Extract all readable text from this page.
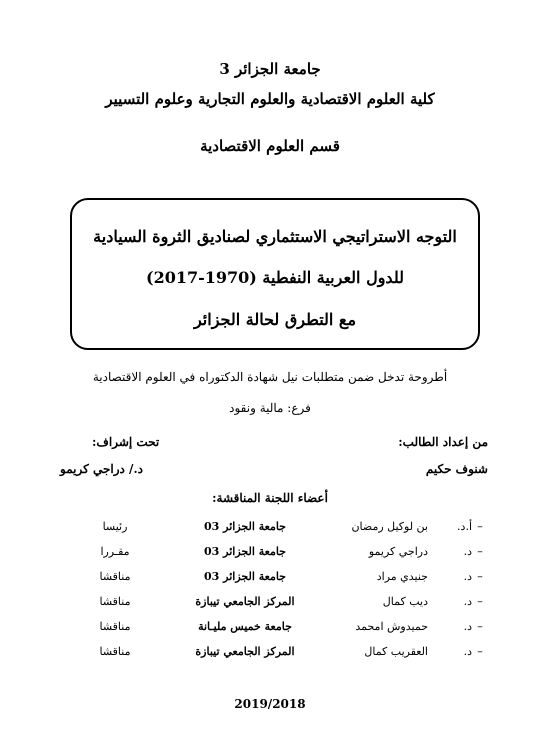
جامعة الجزائر 3
كلية العلوم الاقتصادية والعلوم التجارية وعلوم التسيير
قسم العلوم الاقتصادية
التوجه الاستراتيجي الاستثماري لصناديق الثروة السيادية
للدول العربية النفطية (1970-2017)
مع التطرق لحالة الجزائر
أطروحة تدخل ضمن متطلبات نيل شهادة الدكتوراه في العلوم الاقتصادية
فرع: مالية ونقود
من إعداد الطالب:
شنوف حكيم
تحت إشراف:
د./ دراجي كريمو
أعضاء اللجنة المناقشة:
–	أ.د.	بن لوكيل رمضان	جامعة الجزائر 03	رئيسا
–	د.	دراجي كريمو	جامعة الجزائر 03	مقـررا
–	د.	جنيدي مراد	جامعة الجزائر 03	مناقشا
–	د.	ديب كمال	المركز الجامعي تيبازة	مناقشا
–	د.	حميدوش امحمد	جامعة خميس مليـانة	مناقشا
–	د.	العقريب كمال	المركز الجامعي تيبازة	مناقشا
2019/2018
